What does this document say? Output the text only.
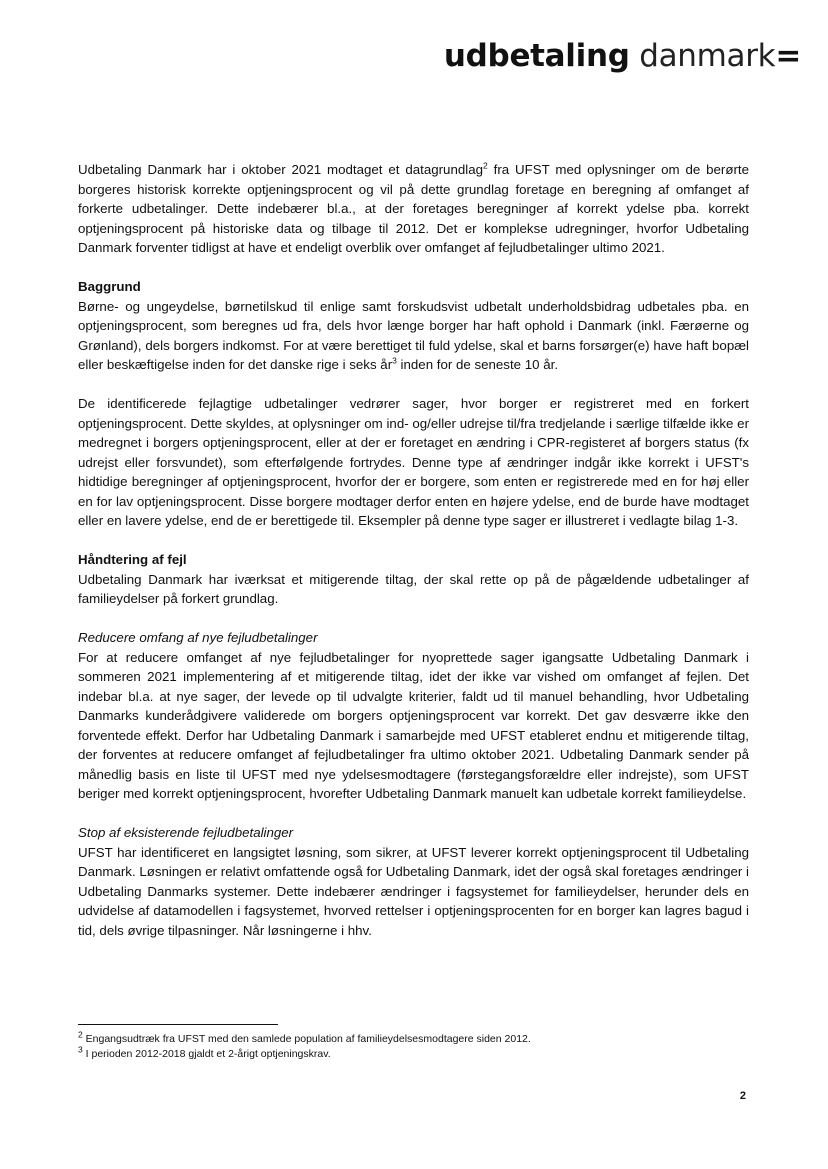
udbetaling danmark=

Udbetaling Danmark har i oktober 2021 modtaget et datagrundlag$^2$ fra UFST med oplysninger om de berørte borgeres historisk korrekte optjeningsprocent og vil på dette grundlag foretage en beregning af omfanget af forkerte udbetalinger. Dette indebærer bl.a., at der foretages beregninger af korrekt ydelse pba. korrekt optjeningsprocent på historiske data og tilbage til 2012. Det er komplekse udregninger, hvorfor Udbetaling Danmark forventer tidligst at have et endeligt overblik over omfanget af fejludbetalinger ultimo 2021.

Baggrund

Børne- og ungeydelse, børnetilskud til enlige samt forskudsvist udbetalt underholdsbidrag udbetales pba. en optjeningsprocent, som beregnes ud fra, dels hvor længe borger har haft ophold i Danmark (inkl. Færøerne og Grønland), dels borgers indkomst. For at være berettiget til fuld ydelse, skal et barns forsørger(e) have haft bopæl eller beskæftigelse inden for det danske rige i seks $år^3$ inden for de seneste 10 år.

De identificerede fejlagtige udbetalinger vedrører sager, hvor borger er registreret med en forkert optjeningsprocent. Dette skyldes, at oplysninger om ind- og/eller udrejse til/fra tredjelande i særlige tilfælde ikke er medregnet i borgers optjeningsprocent, eller at der er foretaget en ændring i CPR-registeret af borgers status (fx udrejst eller forsvundet), som efterfølgende fortrydes. Denne type af ændringer indgår ikke korrekt i UFST's hidtidige beregninger af optjeningsprocent, hvorfor der er borgere, som enten er registrerede med en for høj eller en for lav optjeningsprocent. Disse borgere modtager derfor enten en højere ydelse, end de burde have modtaget eller en lavere ydelse, end de er berettigede til. Eksempler på denne type sager er illustreret i vedlagte bilag 1-3.

Håndtering af fejl

Udbetaling Danmark har iværksat et mitigerende tiltag, der skal rette op på de pågældende udbetalinger af familieydelser på forkert grundlag.

Reducere omfang af nye fejludbetalinger

For at reducere omfanget af nye fejludbetalinger for nyoprettede sager igangsatte Udbetaling Danmark i sommeren 2021 implementering af et mitigerende tiltag, idet der ikke var vished om omfanget af fejlen. Det indebar bl.a. at nye sager, der levede op til udvalgte kriterier, faldt ud til manuel behandling, hvor Udbetaling Danmarks kunderådgivere validerede om borgers optjeningsprocent var korrekt. Det gav desværre ikke den forventede effekt. Derfor har Udbetaling Danmark i samarbejde med UFST etableret endnu et mitigerende tiltag, der forventes at reducere omfanget af fejludbetalinger fra ultimo oktober 2021. Udbetaling Danmark sender på månedlig basis en liste til UFST med nye ydelsesmodtagere (førstegangsforældre eller indrejste), som UFST beriger med korrekt optjeningsprocent, hvorefter Udbetaling Danmark manuelt kan udbetale korrekt familieydelse.

Stop af eksisterende fejludbetalinger

UFST har identificeret en langsigtet løsning, som sikrer, at UFST leverer korrekt optjeningsprocent til Udbetaling Danmark. Løsningen er relativt omfattende også for Udbetaling Danmark, idet der også skal foretages ændringer i Udbetaling Danmarks systemer. Dette indebærer ændringer i fagsystemet for familieydelser, herunder dels en udvidelse af datamodellen i fagsystemet, hvorved rettelser i optjeningsprocenten for en borger kan lagres bagud i tid, dels øvrige tilpasninger. Når løsningerne i hhv.

$^2$ Engangsudtræk fra UFST med den samlede population af familieydelsesmodtagere siden 2012.
$^3$ I perioden 2012-2018 gjaldt et 2-årigt optjeningskrav.
2
